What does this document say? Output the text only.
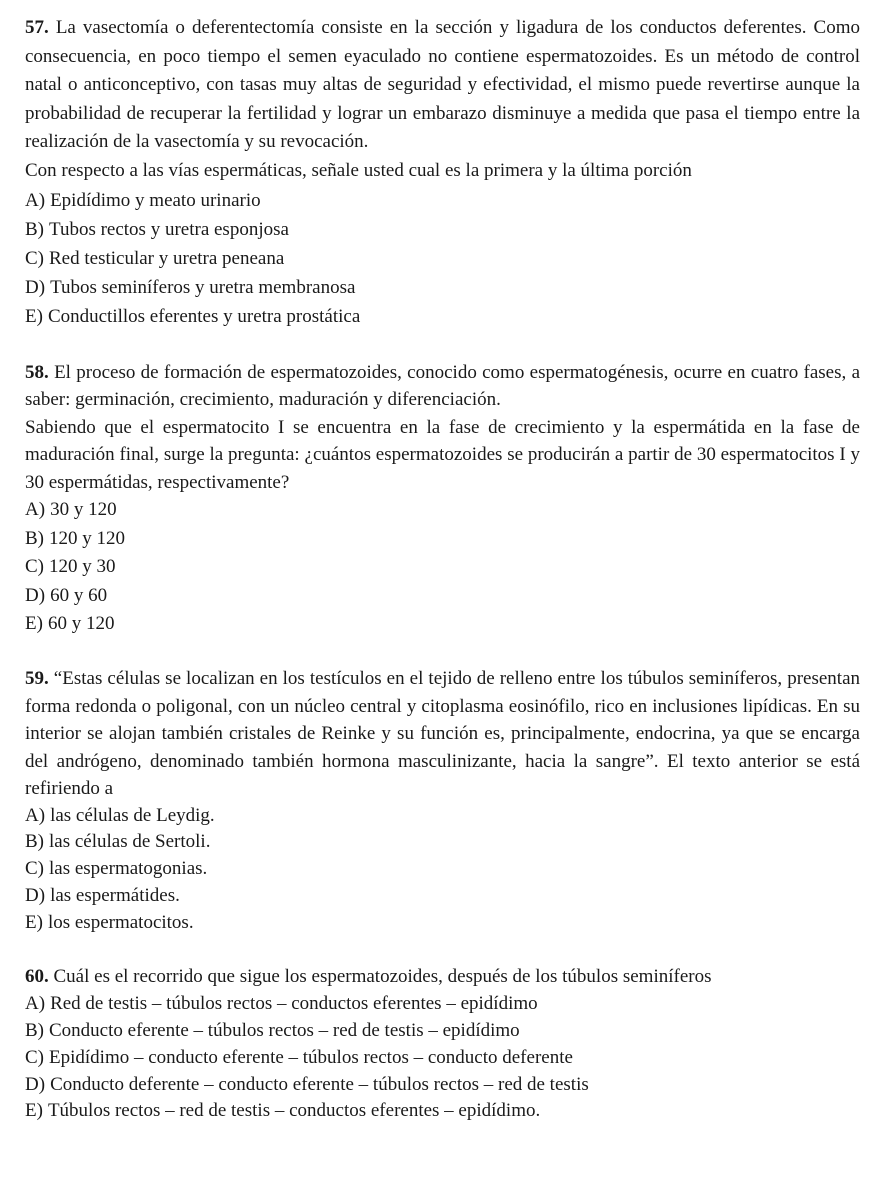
57. La vasectomía o deferentectomía consiste en la sección y ligadura de los conductos deferentes. Como consecuencia, en poco tiempo el semen eyaculado no contiene espermatozoides. Es un método de control natal o anticonceptivo, con tasas muy altas de seguridad y efectividad, el mismo puede revertirse aunque la probabilidad de recuperar la fertilidad y lograr un embarazo disminuye a medida que pasa el tiempo entre la realización de la vasectomía y su revocación.

Con respecto a las vías espermáticas, señale usted cual es la primera y la última porción

A) Epidídimo y meato urinario
B) Tubos rectos y uretra esponjosa
C) Red testicular y uretra peneana
D) Tubos seminíferos y uretra membranosa
E) Conductillos eferentes y uretra prostática

58. El proceso de formación de espermatozoides, conocido como espermatogénesis, ocurre en cuatro fases, a saber: germinación, crecimiento, maduración y diferenciación.

Sabiendo que el espermatocito I se encuentra en la fase de crecimiento y la espermátida en la fase de maduración final, surge la pregunta: ¿cuántos espermatozoides se producirán a partir de 30 espermatocitos I y 30 espermátidas, respectivamente?

A) 30 y 120
B) 120 y 120
C) 120 y 30
D) 60 y 60
E) 60 y 120

59. “Estas células se localizan en los testículos en el tejido de relleno entre los túbulos seminíferos, presentan forma redonda o poligonal, con un núcleo central y citoplasma eosinófilo, rico en inclusiones lipídicas. En su interior se alojan también cristales de Reinke y su función es, principalmente, endocrina, ya que se encarga del andrógeno, denominado también hormona masculinizante, hacia la sangre”. El texto anterior se está refiriendo a

A) las células de Leydig.
B) las células de Sertoli.
C) las espermatogonias.
D) las espermátides.
E) los espermatocitos.

60. Cuál es el recorrido que sigue los espermatozoides, después de los túbulos seminíferos

A) Red de testis – túbulos rectos – conductos eferentes – epidídimo
B) Conducto eferente – túbulos rectos – red de testis – epidídimo
C) Epidídimo – conducto eferente – túbulos rectos – conducto deferente
D) Conducto deferente – conducto eferente – túbulos rectos – red de testis
E) Túbulos rectos – red de testis – conductos eferentes – epidídimo.
